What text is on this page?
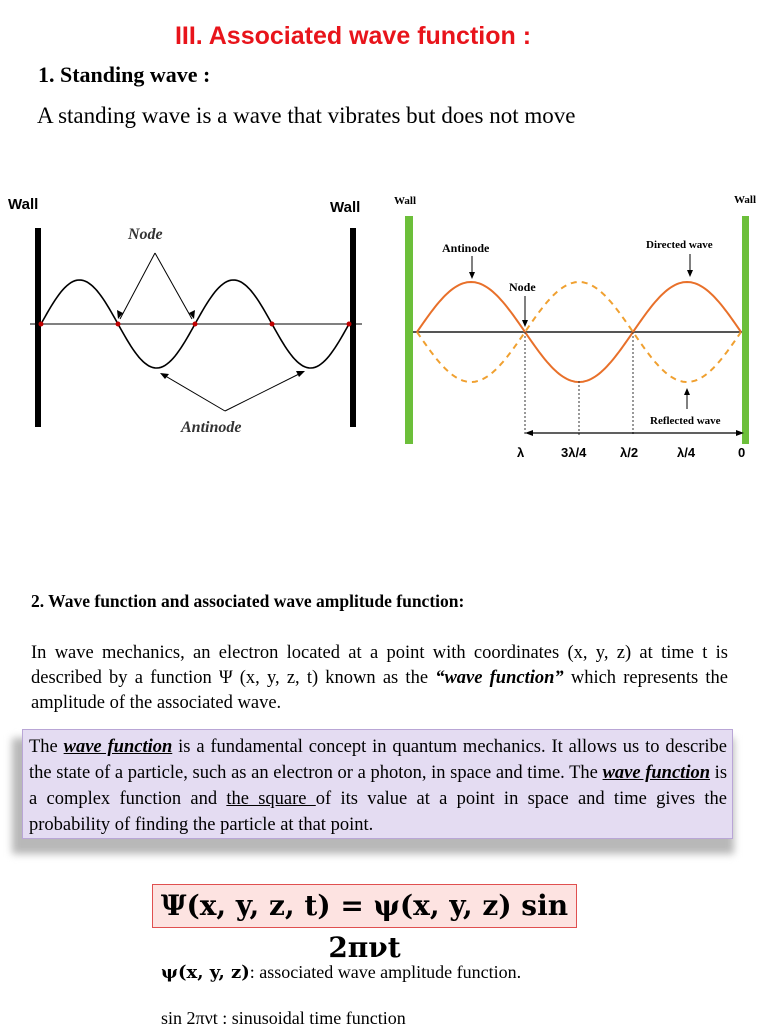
III. Associated wave function :
1. Standing wave :
A standing wave is a wave that vibrates but does not move
Wall	Wall
Node
Antinode
Wall	Wall
Antinode
Node
Directed wave
Reflected wave
λ	3λ/4	λ/2	λ/4	0
2. Wave function and associated wave amplitude function:
In wave mechanics, an electron located at a point with coordinates (x, y, z) at time t is described by a function Ψ (x, y, z, t) known as the “wave function” which represents the amplitude of the associated wave.
The wave function is a fundamental concept in quantum mechanics. It allows us to describe the state of a particle, such as an electron or a photon, in space and time. The wave function is a complex function and the square of its value at a point in space and time gives the probability of finding the particle at that point.
Ψ(x, y, z, t) = ψ(x, y, z) sin 2πνt
ψ(x, y, z): associated wave amplitude function.
sin 2πνt : sinusoidal time function
